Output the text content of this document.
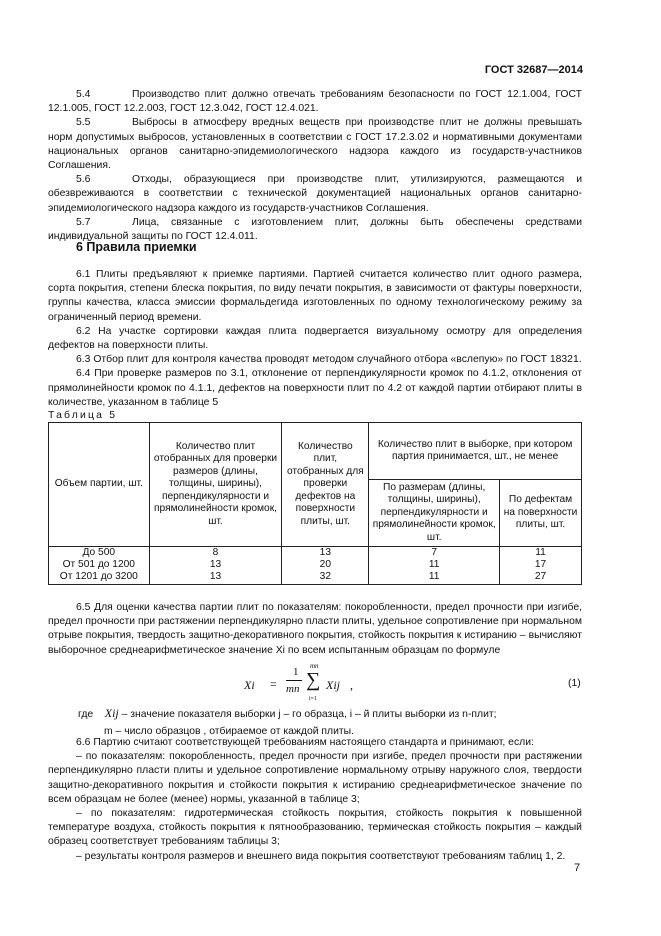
ГОСТ 32687—2014

5.4	Производство плит должно отвечать требованиям безопасности по ГОСТ 12.1.004, ГОСТ 12.1.005, ГОСТ 12.2.003, ГОСТ 12.3.042, ГОСТ 12.4.021.

5.5	Выбросы в атмосферу вредных веществ при производстве плит не должны превышать норм допустимых выбросов, установленных в соответствии с ГОСТ 17.2.3.02 и нормативными документами национальных органов санитарно-эпидемиологического надзора каждого из государств-участников Соглашения.

5.6	Отходы, образующиеся при производстве плит, утилизируются, размещаются и обезвреживаются в соответствии с технической документацией национальных органов санитарно-эпидемиологического надзора каждого из государств-участников Соглашения.

5.7	Лица, связанные с изготовлением плит, должны быть обеспечены средствами индивидуальной защиты по ГОСТ 12.4.011.

6 Правила приемки

6.1 Плиты предъявляют к приемке партиями. Партией считается количество плит одного размера, сорта покрытия, степени блеска покрытия, по виду печати покрытия, в зависимости от фактуры поверхности, группы качества, класса эмиссии формальдегида изготовленных по одному технологическому режиму за ограниченный период времени.

6.2 На участке сортировки каждая плита подвергается визуальному осмотру для определения дефектов на поверхности плиты.

6.3 Отбор плит для контроля качества проводят методом случайного отбора «вслепую» по ГОСТ 18321.

6.4 При проверке размеров по 3.1, отклонение от перпендикулярности кромок по 4.1.2, отклонения от прямолинейности кромок по 4.1.1, дефектов на поверхности плит по 4.2 от каждой партии отбирают плиты в количестве, указанном в таблице 5

Таблица 5
Объем партии, шт.	Количество плит отобранных для проверки размеров (длины, толщины, ширины), перпендикулярности и прямолинейности кромок, шт.	Количество плит, отобранных для проверки дефектов на поверхности плиты, шт.	Количество плит в выборке, при котором партия принимается, шт., не менее	
			По размерам (длины, толщины, ширины), перпендикулярности и прямолинейности кромок, шт.	По дефектам на поверхности плиты, шт.
До 500	8	13	7	11
От 501 до 1200	13	20	11	17
От 1201 до 3200	13	32	11	27

6.5 Для оценки качества партии плит по показателям: покоробленности, предел прочности при изгибе, предел прочности при растяжении перпендикулярно пласти плиты, удельное сопротивление при нормальном отрыве покрытия, твердость защитно-декоративного покрытия, стойкость покрытия к истиранию – вычисляют выборочное среднеарифметическое значение Xi по всем испытанным образцам по формуле

Xi =
1
mn
mn
∑
i=1
Xij ,	(1)

где Xij – значение показателя выборки j – го образца, i – й плиты выборки из n-плит;

m – число образцов , отбираемое от каждой плиты.

6.6 Партию считают соответствующей требованиям настоящего стандарта и принимают, если:

– по показателям: покоробленность, предел прочности при изгибе, предел прочности при растяжении перпендикулярно пласти плиты и удельное сопротивление нормальному отрыву наружного слоя, твердости защитно-декоративного покрытия и стойкости покрытия к истиранию среднеарифметическое значение по всем образцам не более (менее) нормы, указанной в таблице 3;

– по показателям: гидротермическая стойкость покрытия, стойкость покрытия к повышенной температуре воздуха, стойкость покрытия к пятнообразованию, термическая стойкость покрытия – каждый образец соответствует требованиям таблицы 3;

– результаты контроля размеров и внешнего вида покрытия соответствуют требованиям таблиц 1, 2.

7
